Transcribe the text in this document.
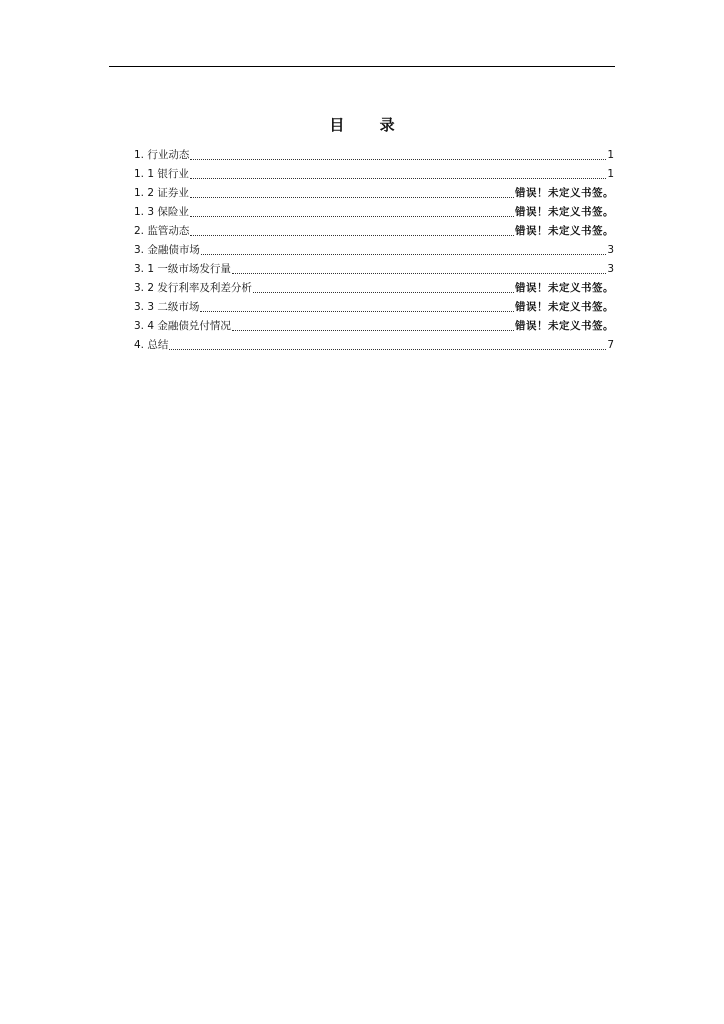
目 录
1. 行业动态	1
1. 1 银行业	1
1. 2 证券业	错误！未定义书签。
1. 3 保险业	错误！未定义书签。
2. 监管动态	错误！未定义书签。
3. 金融债市场	3
3. 1 一级市场发行量	3
3. 2 发行利率及利差分析	错误！未定义书签。
3. 3 二级市场	错误！未定义书签。
3. 4 金融债兑付情况	错误！未定义书签。
4. 总结	7
